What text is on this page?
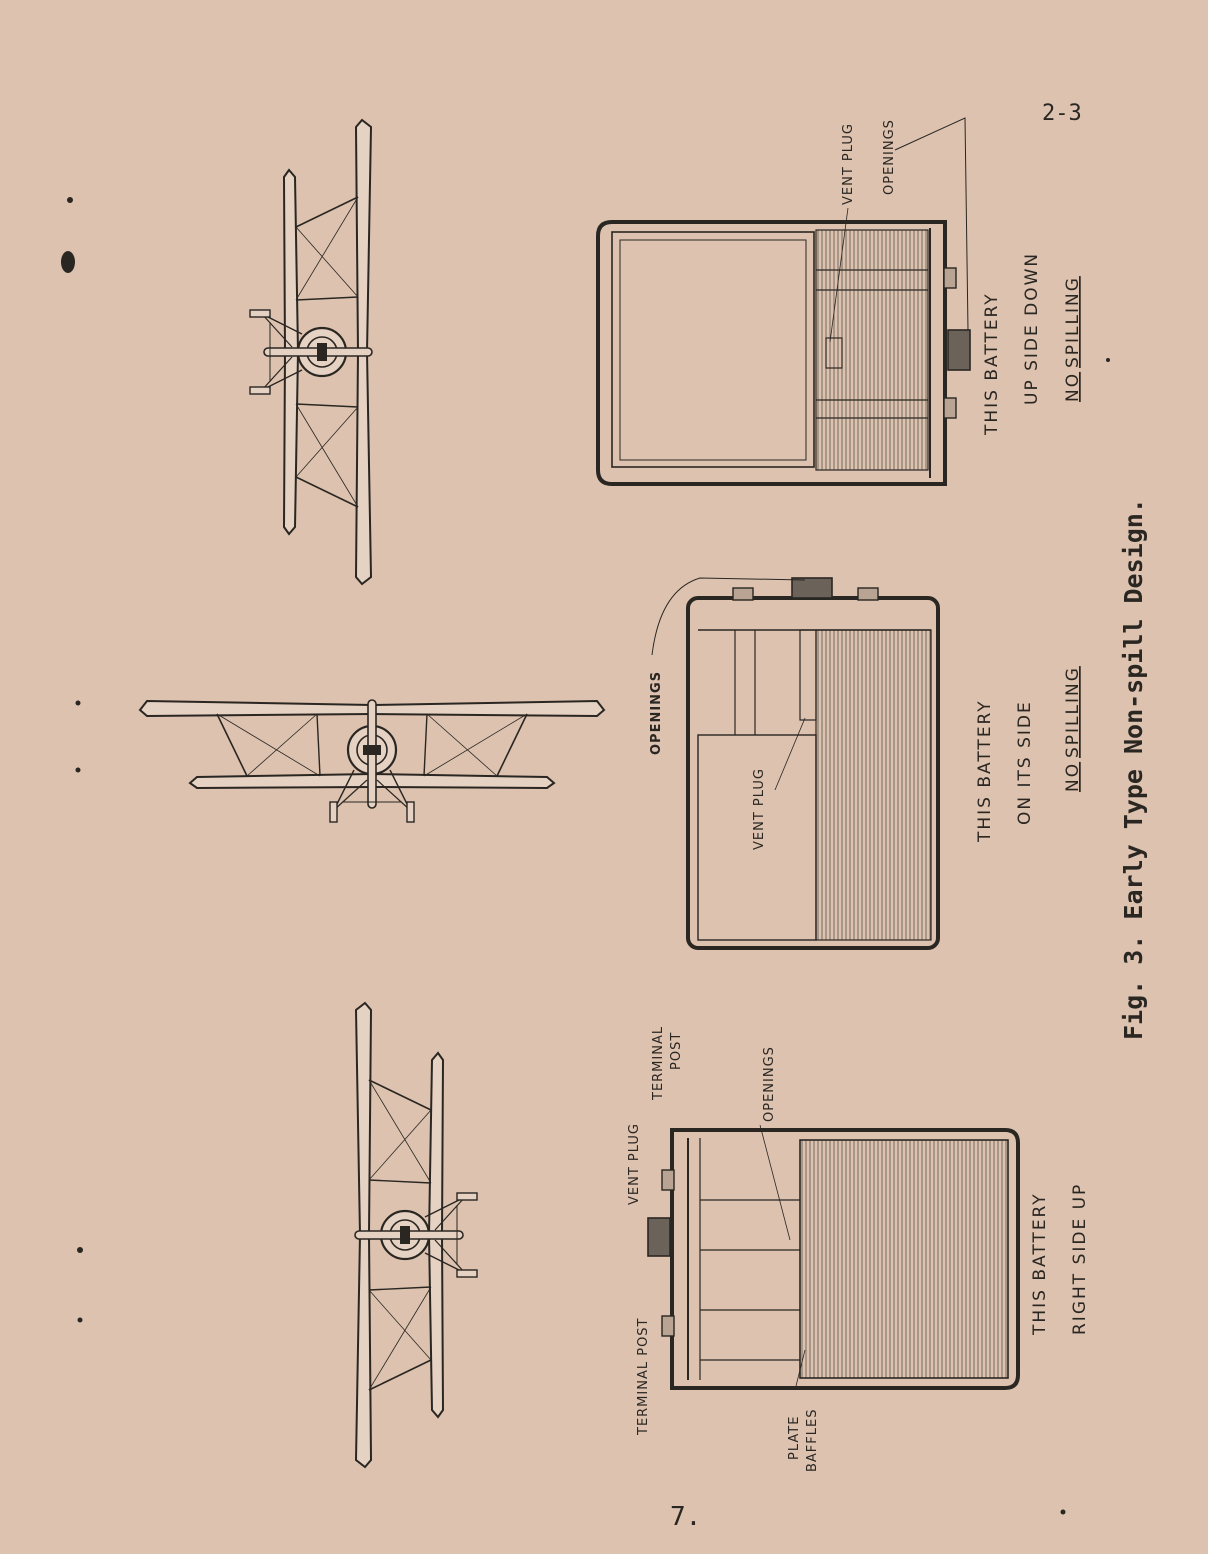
2-3
TERMINAL POST
VENT PLUG
TERMINAL POST	OPENINGS
PLATE BAFFLES
THIS BATTERY RIGHT SIDE UP
OPENINGS
VENT PLUG	THIS BATTERY ON ITS SIDE NO
SPILLING
VENT PLUG OPENINGS
THIS BATTERY UP SIDE DOWN NO
SPILLING
Fig. 3. Early Type Non-spill Design.
7.
